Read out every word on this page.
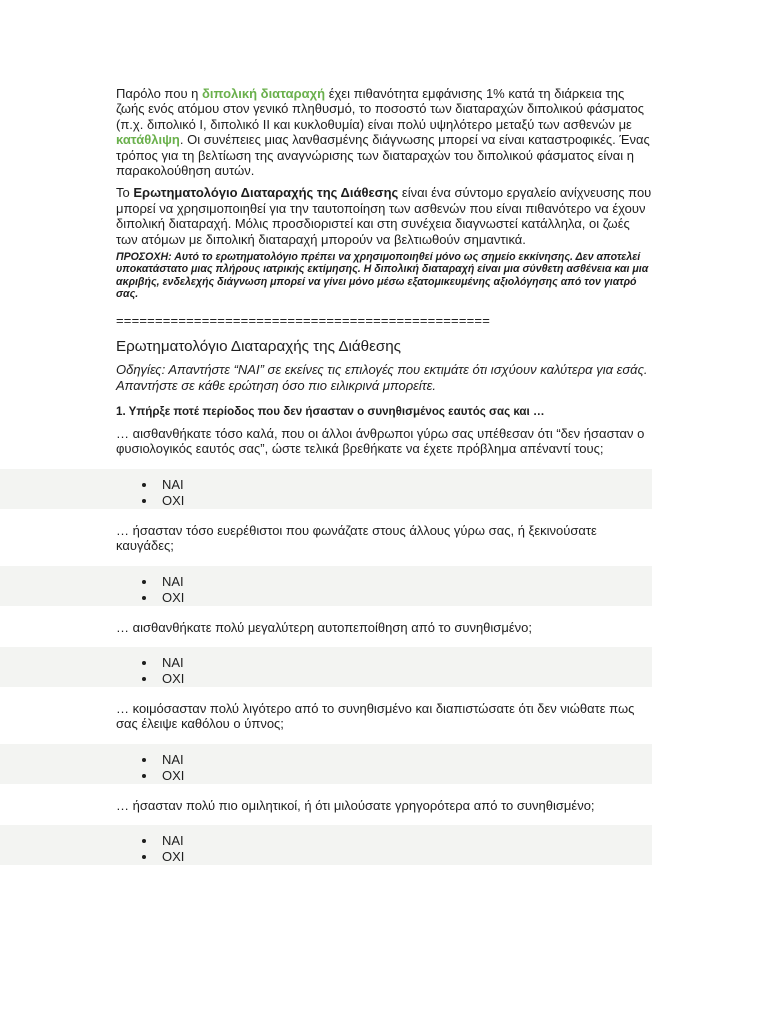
Παρόλο που η διπολική διαταραχή έχει πιθανότητα εμφάνισης 1% κατά τη διάρκεια της ζωής ενός ατόμου στον γενικό πληθυσμό, το ποσοστό των διαταραχών διπολικού φάσματος (π.χ. διπολικό Ι, διπολικό ΙΙ και κυκλοθυμία) είναι πολύ υψηλότερο μεταξύ των ασθενών με κατάθλιψη. Οι συνέπειες μιας λανθασμένης διάγνωσης μπορεί να είναι καταστροφικές. Ένας τρόπος για τη βελτίωση της αναγνώρισης των διαταραχών του διπολικού φάσματος είναι η παρακολούθηση αυτών.

Το Ερωτηματολόγιο Διαταραχής της Διάθεσης είναι ένα σύντομο εργαλείο ανίχνευσης που μπορεί να χρησιμοποιηθεί για την ταυτοποίηση των ασθενών που είναι πιθανότερο να έχουν διπολική διαταραχή. Μόλις προσδιοριστεί και στη συνέχεια διαγνωστεί κατάλληλα, οι ζωές των ατόμων με διπολική διαταραχή μπορούν να βελτιωθούν σημαντικά.

ΠΡΟΣΟΧΗ: Αυτό το ερωτηματολόγιο πρέπει να χρησιμοποιηθεί μόνο ως σημείο εκκίνησης. Δεν αποτελεί υποκατάστατο μιας πλήρους ιατρικής εκτίμησης. Η διπολική διαταραχή είναι μια σύνθετη ασθένεια και μια ακριβής, ενδελεχής διάγνωση μπορεί να γίνει μόνο μέσω εξατομικευμένης αξιολόγησης από τον γιατρό σας.

================================================

Ερωτηματολόγιο Διαταραχής της Διάθεσης

Οδηγίες: Απαντήστε “ΝΑΙ” σε εκείνες τις επιλογές που εκτιμάτε ότι ισχύουν καλύτερα για εσάς. Απαντήστε σε κάθε ερώτηση όσο πιο ειλικρινά μπορείτε.

1. Υπήρξε ποτέ περίοδος που δεν ήσασταν ο συνηθισμένος εαυτός σας και …

… αισθανθήκατε τόσο καλά, που οι άλλοι άνθρωποι γύρω σας υπέθεσαν ότι “δεν ήσασταν ο φυσιολογικός εαυτός σας”, ώστε τελικά βρεθήκατε να έχετε πρόβλημα απέναντί τους;

ΝΑΙ
ΟΧΙ

… ήσασταν τόσο ευερέθιστοι που φωνάζατε στους άλλους γύρω σας, ή ξεκινούσατε καυγάδες;

ΝΑΙ
ΟΧΙ

… αισθανθήκατε πολύ μεγαλύτερη αυτοπεποίθηση από το συνηθισμένο;

ΝΑΙ
ΟΧΙ

… κοιμόσασταν πολύ λιγότερο από το συνηθισμένο και διαπιστώσατε ότι δεν νιώθατε πως σας έλειψε καθόλου ο ύπνος;

ΝΑΙ
ΟΧΙ

… ήσασταν πολύ πιο ομιλητικοί, ή ότι μιλούσατε γρηγορότερα από το συνηθισμένο;

ΝΑΙ
ΟΧΙ
